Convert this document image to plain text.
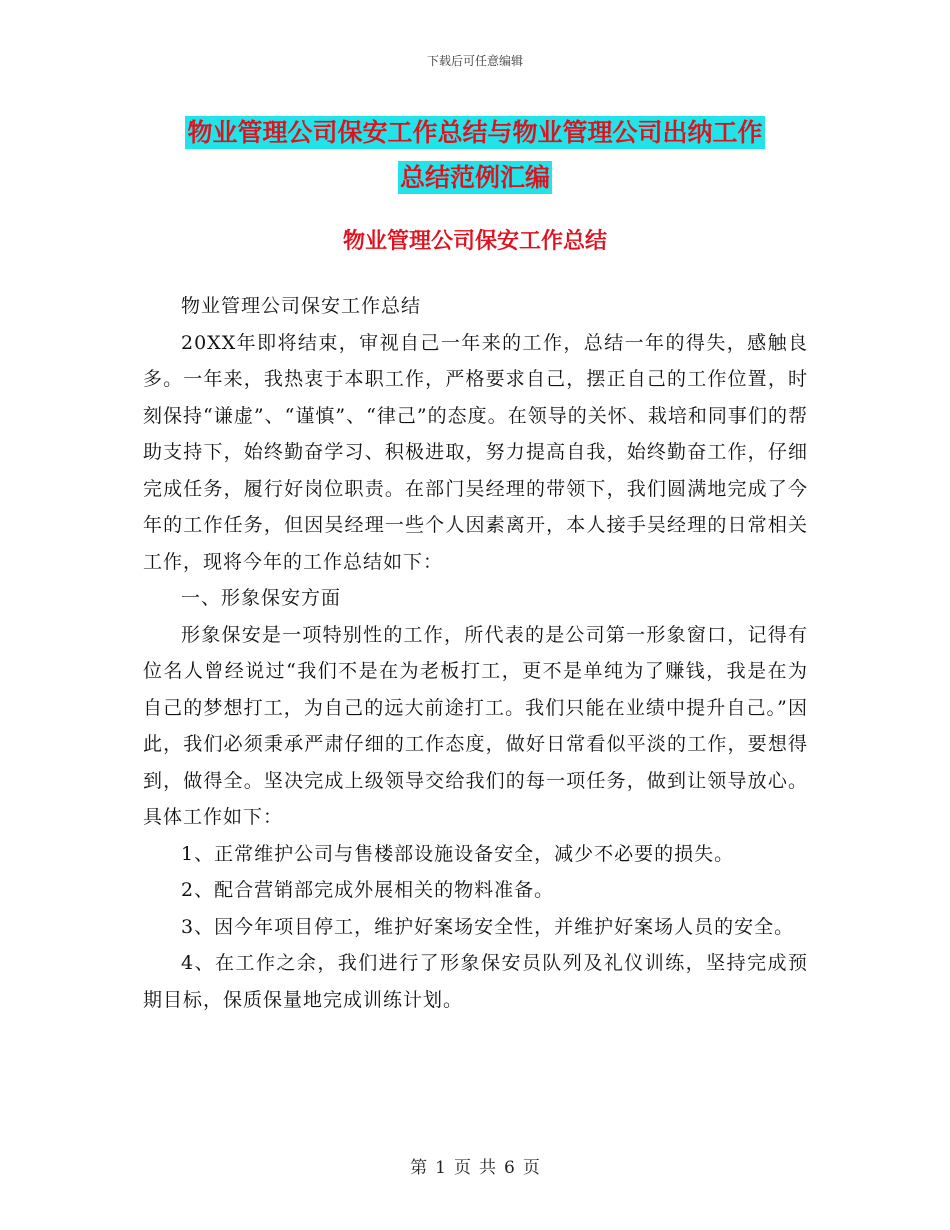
下载后可任意编辑
物业管理公司保安工作总结与物业管理公司出纳工作
总结范例汇编
物业管理公司保安工作总结

物业管理公司保安工作总结

20XX年即将结束，审视自己一年来的工作，总结一年的得失，感触良多。一年来，我热衷于本职工作，严格要求自己，摆正自己的工作位置，时刻保持“谦虚”、“谨慎”、“律己”的态度。在领导的关怀、栽培和同事们的帮助支持下，始终勤奋学习、积极进取，努力提高自我，始终勤奋工作，仔细完成任务，履行好岗位职责。在部门吴经理的带领下，我们圆满地完成了今年的工作任务，但因吴经理一些个人因素离开，本人接手吴经理的日常相关工作，现将今年的工作总结如下：

一、形象保安方面

形象保安是一项特别性的工作，所代表的是公司第一形象窗口，记得有位名人曾经说过“我们不是在为老板打工，更不是单纯为了赚钱，我是在为自己的梦想打工，为自己的远大前途打工。我们只能在业绩中提升自己。”因此，我们必须秉承严肃仔细的工作态度，做好日常看似平淡的工作，要想得到，做得全。坚决完成上级领导交给我们的每一项任务，做到让领导放心。具体工作如下：

1、正常维护公司与售楼部设施设备安全，减少不必要的损失。

2、配合营销部完成外展相关的物料准备。

3、因今年项目停工，维护好案场安全性，并维护好案场人员的安全。

4、在工作之余，我们进行了形象保安员队列及礼仪训练，坚持完成预期目标，保质保量地完成训练计划。

第 1 页 共 6 页
